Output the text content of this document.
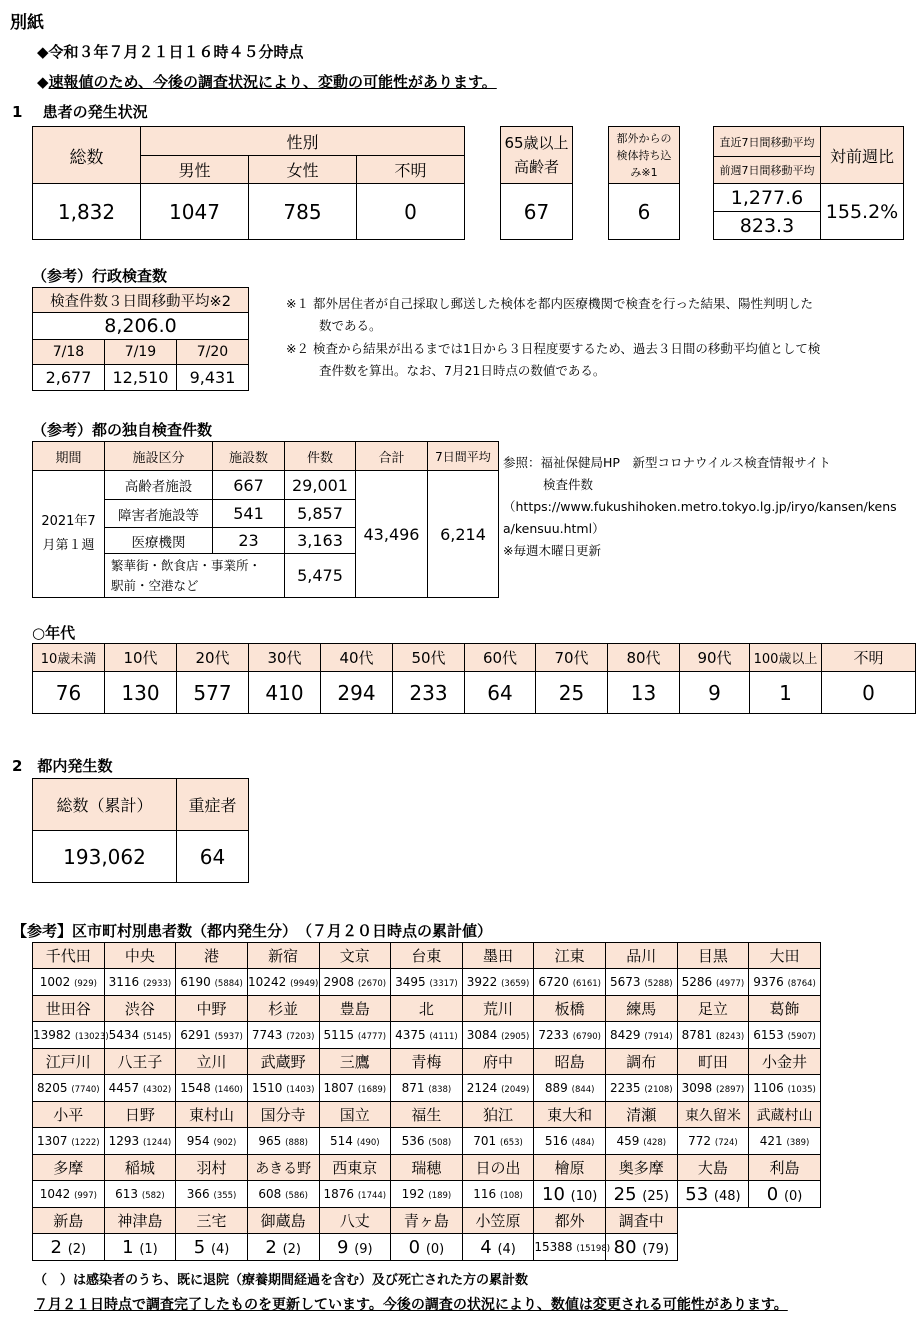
別紙
◆令和３年７月２１日１６時４５分時点
◆速報値のため、今後の調査状況により、変動の可能性があります。
1　 患者の発生状況
総数	性別		
	男性	女性	不明
1,832	1047	785	0
65歳以上
高齢者
67
都外からの
検体持ち込
み※1
6
直近7日間移動平均	対前週比
前週7日間移動平均	
1,277.6	155.2%
823.3	
（参考）行政検査数
検査件数３日間移動平均※2		
8,206.0		
7/18	7/19	7/20
2,677	12,510	9,431
※１ 都外居住者が自己採取し郵送した検体を都内医療機関で検査を行った結果、陽性判明した
数である。
※２ 検査から結果が出るまでは1日から３日程度要するため、過去３日間の移動平均値として検
査件数を算出。なお、7月21日時点の数値である。
（参考）都の独自検査件数
期間	施設区分	施設数	件数	合計	7日間平均
2021年7
月第１週	高齢者施設	667	29,001	43,496	6,214
	障害者施設等	541	5,857		
	医療機関	23	3,163		
	繁華街・飲食店・事業所・
駅前・空港など		5,475		
参照：福祉保健局HP　新型コロナウイルス検査情報サイト
検査件数
（https://www.fukushihoken.metro.tokyo.lg.jp/iryo/kansen/kens
a/kensuu.html）
※毎週木曜日更新
○年代
10歳未満	10代	20代	30代	40代	50代	60代	70代	80代	90代	100歳以上	不明
76	130	577	410	294	233	64	25	13	9	1	0
2　都内発生数
総数（累計）	重症者
193,062	64
【参考】区市町村別患者数（都内発生分）　（７月２０日時点の累計値）
千代田	中央	港	新宿	文京	台東	墨田	江東	品川	目黒	大田
1002 (929)	3116 (2933)	6190 (5884)	10242 (9949)	2908 (2670)	3495 (3317)	3922 (3659)	6720 (6161)	5673 (5288)	5286 (4977)	9376 (8764)
世田谷	渋谷	中野	杉並	豊島	北	荒川	板橋	練馬	足立	葛飾
13982 (13023)	5434 (5145)	6291 (5937)	7743 (7203)	5115 (4777)	4375 (4111)	3084 (2905)	7233 (6790)	8429 (7914)	8781 (8243)	6153 (5907)
江戸川	八王子	立川	武蔵野	三鷹	青梅	府中	昭島	調布	町田	小金井
8205 (7740)	4457 (4302)	1548 (1460)	1510 (1403)	1807 (1689)	871 (838)	2124 (2049)	889 (844)	2235 (2108)	3098 (2897)	1106 (1035)
小平	日野	東村山	国分寺	国立	福生	狛江	東大和	清瀬	東久留米	武蔵村山
1307 (1222)	1293 (1244)	954 (902)	965 (888)	514 (490)	536 (508)	701 (653)	516 (484)	459 (428)	772 (724)	421 (389)
多摩	稲城	羽村	あきる野	西東京	瑞穂	日の出	檜原	奥多摩	大島	利島
1042 (997)	613 (582)	366 (355)	608 (586)	1876 (1744)	192 (189)	116 (108)	10 (10)	25 (25)	53 (48)	0 (0)
新島	神津島	三宅	御蔵島	八丈	青ヶ島	小笠原	都外	調査中		
2 (2)	1 (1)	5 (4)	2 (2)	9 (9)	0 (0)	4 (4)	15388 (15198)	80 (79)		
（　）は感染者のうち、既に退院（療養期間経過を含む）及び死亡された方の累計数
７月２１日時点で調査完了したものを更新しています。今後の調査の状況により、数値は変更される可能性があります。
